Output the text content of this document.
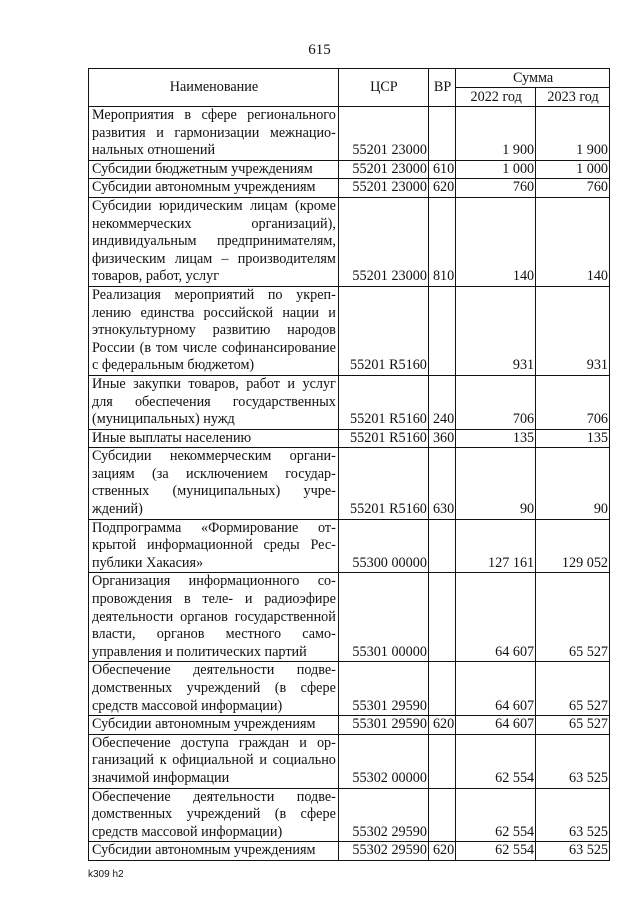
615
Наименование	ЦСР	ВР	Сумма	
			2022 год	2023 год
Мероприятия в сфере регионального развития и гармонизации межнациональных отношений	55201 23000		1 900	1 900
Субсидии бюджетным учреждениям	55201 23000	610	1 000	1 000
Субсидии автономным учреждениям	55201 23000	620	760	760
Субсидии юридическим лицам (кроме некоммерческих организаций), индивидуальным предпринимателям, физическим лицам – производителям товаров, работ, услуг	55201 23000	810	140	140
Реализация мероприятий по укреплению единства российской нации и этнокультурному развитию народов России (в том числе софинансирование с федеральным бюджетом)	55201 R5160		931	931
Иные закупки товаров, работ и услуг для обеспечения государственных (муниципальных) нужд	55201 R5160	240	706	706
Иные выплаты населению	55201 R5160	360	135	135
Субсидии некоммерческим организациям (за исключением государственных (муниципальных) учреждений)	55201 R5160	630	90	90
Подпрограмма «Формирование открытой информационной среды Республики Хакасия»	55300 00000		127 161	129 052
Организация информационного сопровождения в теле- и радиоэфире деятельности органов государственной власти, органов местного самоуправления и политических партий	55301 00000		64 607	65 527
Обеспечение деятельности подведомственных учреждений (в сфере средств массовой информации)	55301 29590		64 607	65 527
Субсидии автономным учреждениям	55301 29590	620	64 607	65 527
Обеспечение доступа граждан и организаций к официальной и социально значимой информации	55302 00000		62 554	63 525
Обеспечение деятельности подведомственных учреждений (в сфере средств массовой информации)	55302 29590		62 554	63 525
Субсидии автономным учреждениям	55302 29590	620	62 554	63 525
k309 h2
